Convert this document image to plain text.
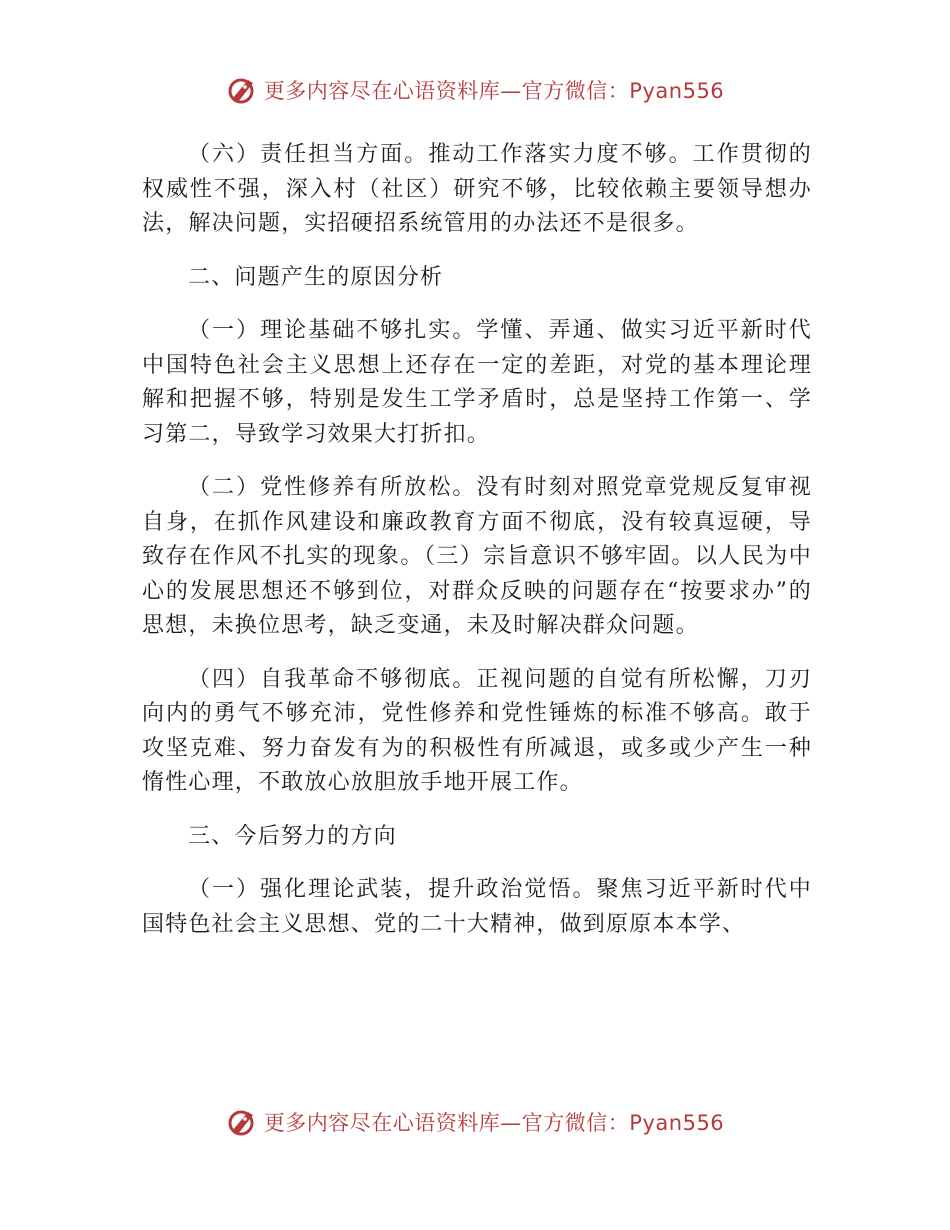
更多内容尽在心语资料库—官方微信：Pyan556

（六）责任担当方面。推动工作落实力度不够。工作贯彻的权威性不强，深入村（社区）研究不够，比较依赖主要领导想办法，解决问题，实招硬招系统管用的办法还不是很多。

二、问题产生的原因分析

（一）理论基础不够扎实。学懂、弄通、做实习近平新时代中国特色社会主义思想上还存在一定的差距，对党的基本理论理解和把握不够，特别是发生工学矛盾时，总是坚持工作第一、学习第二，导致学习效果大打折扣。

（二）党性修养有所放松。没有时刻对照党章党规反复审视自身，在抓作风建设和廉政教育方面不彻底，没有较真逗硬，导致存在作风不扎实的现象。（三）宗旨意识不够牢固。以人民为中心的发展思想还不够到位，对群众反映的问题存在“按要求办”的思想，未换位思考，缺乏变通，未及时解决群众问题。

（四）自我革命不够彻底。正视问题的自觉有所松懈，刀刃向内的勇气不够充沛，党性修养和党性锤炼的标准不够高。敢于攻坚克难、努力奋发有为的积极性有所减退，或多或少产生一种惰性心理，不敢放心放胆放手地开展工作。

三、今后努力的方向

（一）强化理论武装，提升政治觉悟。聚焦习近平新时代中国特色社会主义思想、党的二十大精神，做到原原本本学、

更多内容尽在心语资料库—官方微信：Pyan556
